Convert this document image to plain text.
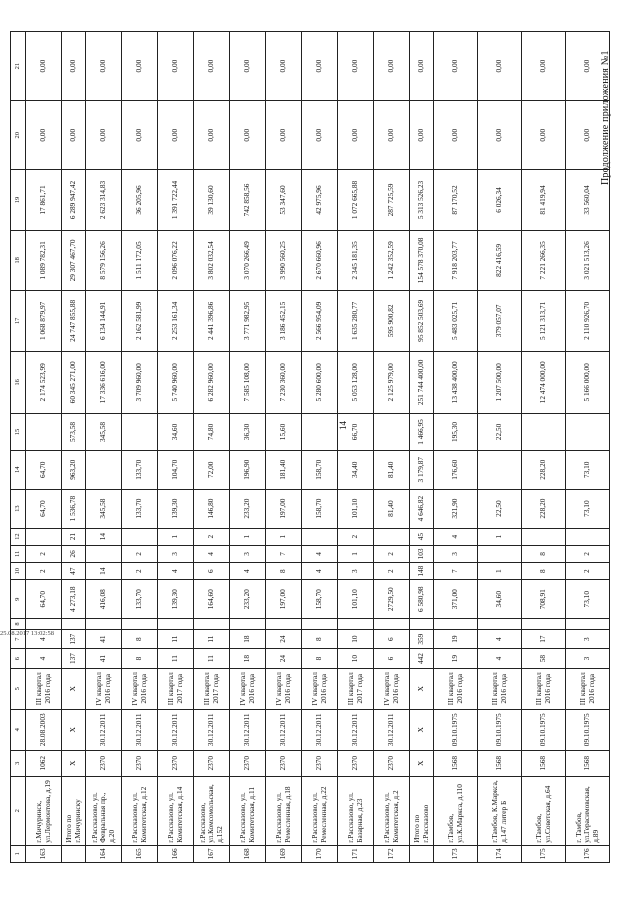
25.08.2017 13:02:58
Продолжение приложения №1
14
1	2	3	4	5	6	7	8	9	10	11	12	13	14	15	16	17	18	19	20	21
163	г.Мичуринск, ул.Лермонтова, д.19	1062	28.08.2003	III квартал 2016 года	4	4		64,70	2	2		64,70	64,70		2 174 523,99	1 068 879,97	1 089 782,31	17 861,71	0,00	0,00
	Итого по г.Мичуринску	X	X	X	137	137		4 273,18	47	26	21	1 536,78	963,20	573,58	60 345 271,00	24 747 855,88	29 307 467,70	6 289 947,42	0,00	0,00
164	г.Рассказово, ул. Февральная пр., д.20	2370	30.12.2011	IV квартал 2016 года	41	41		416,08	14		14	345,58		345,58	17 336 616,00	6 134 144,91	8 579 156,26	2 623 314,83	0,00	0,00
165	г.Рассказово, ул. Комитетская, д.12	2370	30.12.2011	IV квартал 2016 года	8	8		133,70	2	2		133,70	133,70		3 709 960,00	2 162 581,99	1 511 172,05	36 205,96	0,00	0,00
166	г.Рассказово, ул. Комитетская, д.14	2370	30.12.2011	III квартал 2017 года	11	11		139,30	4	3	1	139,30	104,70	34,60	5 740 960,00	2 253 161,34	2 096 076,22	1 391 722,44	0,00	0,00
167	г.Рассказово, ул.Комсомольская, д.152	2370	30.12.2011	III квартал 2017 года	11	11		164,60	6	4	2	146,80	72,00	74,80	6 282 960,00	2 441 396,86	3 802 032,54	39 130,60	0,00	0,00
168	г.Рассказово, ул. Комитетская, д.11	2370	30.12.2011	IV квартал 2016 года	18	18		233,20	4	3	1	233,20	196,90	36,30	7 585 108,00	3 771 982,95	3 070 266,49	742 858,56	0,00	0,00
169	г.Рассказово, ул. Ремесленная, д.18	2370	30.12.2011	IV квартал 2016 года	24	24		197,00	8	7	1	197,00	181,40	15,60	7 230 360,00	3 186 452,15	3 990 560,25	53 347,60	0,00	0,00
170	г.Рассказово, ул. Ремесленная, д.22	2370	30.12.2011	IV квартал 2016 года	8	8		158,70	4	4		158,70	158,70		5 280 600,00	2 566 954,09	2 670 660,96	42 975,96	0,00	0,00
171	г.Рассказово, ул. Базарная, д.23	2370	30.12.2011	III квартал 2017 года	10	10		101,10	3	1	2	101,10	34,40	66,70	5 053 128,00	1 635 280,77	2 345 181,35	1 072 665,88	0,00	0,00
172	г.Рассказово, ул. Комитетская, д.2	2370	30.12.2011	IV квартал 2016 года	6	6		2729,50	2	2		81,40	81,40		2 125 979,00	595 900,82	1 242 352,59	287 725,59	0,00	0,00
	Итого по г.Рассказово	X	X	X	442	359		6 580,98	148	103	45	4 646,82	3 179,87	1 466,95	251 744 400,00	95 852 503,69	154 578 370,08	5 313 526,23	0,00	0,00
173	г.Тамбов, ул.К.Маркса, д.110	1568	09.10.1975	III квартал 2016 года	19	19		371,00	7	3	4	321,90	176,60	195,30	13 438 400,00	5 483 025,71	7 918 203,77	87 170,52	0,00	0,00
174	г.Тамбов, К.Маркса, д.147 литер Б	1568	09.10.1975	III квартал 2016 года	4	4		34,60	1		1	22,50		22,50	1 207 500,00	379 057,07	822 416,59	6 026,34	0,00	0,00
175	г.Тамбов, ул.Советская, д.64	1568	09.10.1975	III квартал 2016 года	58	17		708,91	8	8		228,20	228,20		12 474 000,00	5 121 313,71	7 221 266,35	81 419,94	0,00	0,00
176	г. Тамбов, ул.Герасимовская, д.89	1568	09.10.1975	III квартал 2016 года	3	3		73,10	2	2		73,10	73,10		5 166 000,00	2 110 926,70	3 021 513,26	33 560,04	0,00	0,00
